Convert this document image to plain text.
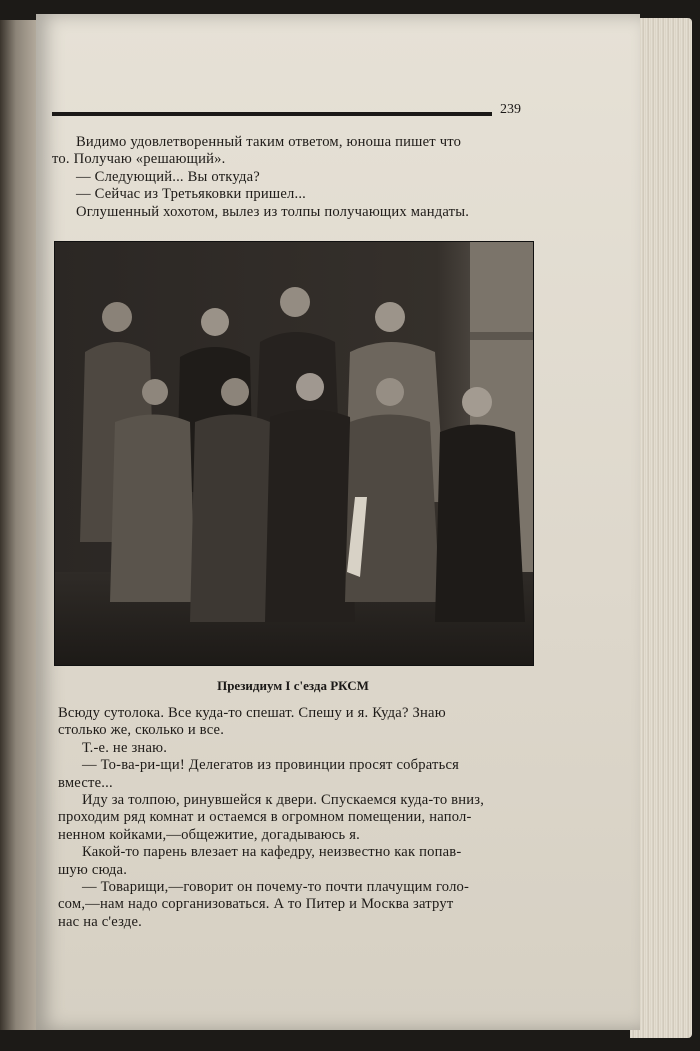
239
Видимо удовлетворенный таким ответом, юноша пишет что
то. Получаю «решающий».
— Следующий... Вы откуда?
— Сейчас из Третьяковки пришел...
Оглушенный хохотом, вылез из толпы получающих мандаты.
Президиум I с'езда РКСМ
Всюду сутолока. Все куда-то спешат. Спешу и я. Куда? Знаю
столько же, сколько и все.
Т.-е. не знаю.
— То-ва-ри-щи! Делегатов из провинции просят собраться
вместе...
Иду за толпою, ринувшейся к двери. Спускаемся куда-то вниз,
проходим ряд комнат и остаемся в огромном помещении, напол-
ненном койками,—общежитие, догадываюсь я.
Какой-то парень влезает на кафедру, неизвестно как попав-
шую сюда.
— Товарищи,—говорит он почему-то почти плачущим голо-
сом,—нам надо сорганизоваться. А то Питер и Москва затрут
нас на с'езде.
